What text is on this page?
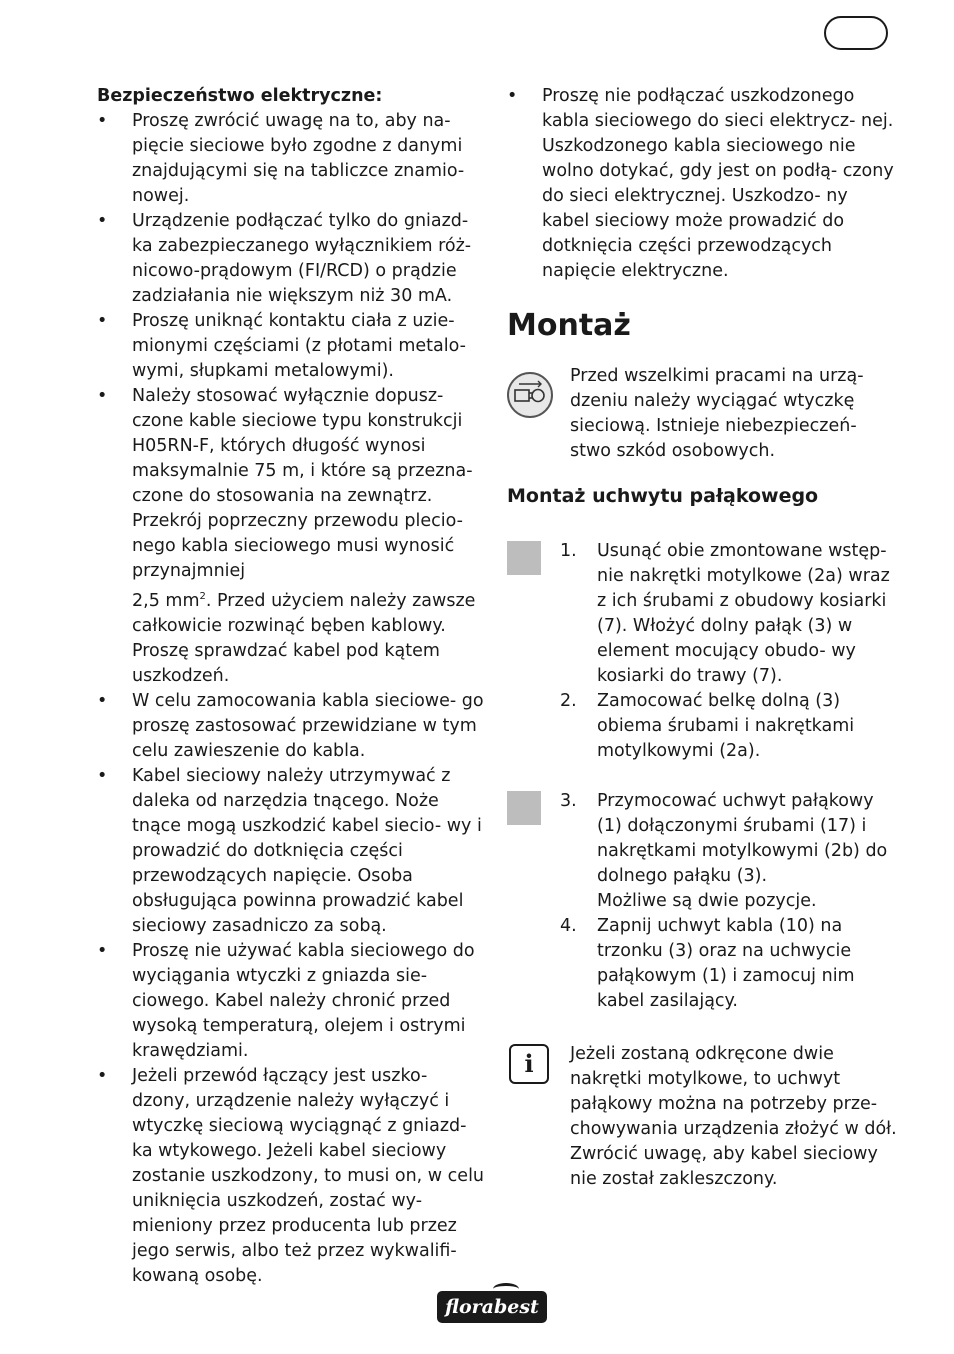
Bezpieczeństwo elektryczne:

• Proszę zwrócić uwagę na to, aby na- pięcie sieciowe było zgodne z danymi znajdującymi się na tabliczce znamio- nowej.

• Urządzenie podłączać tylko do gniazd- ka zabezpieczanego wyłącznikiem róż- nicowo-prądowym (FI/RCD) o prądzie zadziałania nie większym niż 30 mA.

• Proszę uniknąć kontaktu ciała z uzie- mionymi częściami (z płotami metalo- wymi, słupkami metalowymi).

• Należy stosować wyłącznie dopusz- czone kable sieciowe typu konstrukcji H05RN-F, których długość wynosi maksymalnie 75 m, i które są przezna- czone do stosowania na zewnątrz. Przekrój poprzeczny przewodu plecio- nego kabla sieciowego musi wynosić przynajmniej

2,5 $mm^2$. Przed użyciem należy zawsze całkowicie rozwinąć bęben kablowy. Proszę sprawdzać kabel pod kątem uszkodzeń.

• W celu zamocowania kabla sieciowe- go proszę zastosować przewidziane w tym celu zawieszenie do kabla.

• Kabel sieciowy należy utrzymywać z daleka od narzędzia tnącego. Noże tnące mogą uszkodzić kabel siecio- wy i prowadzić do dotknięcia części przewodzących napięcie. Osoba obsługująca powinna prowadzić kabel sieciowy zasadniczo za sobą.

• Proszę nie używać kabla sieciowego do wyciągania wtyczki z gniazda sie- ciowego. Kabel należy chronić przed wysoką temperaturą, olejem i ostrymi krawędziami.

• Jeżeli przewód łączący jest uszko- dzony, urządzenie należy wyłączyć i wtyczkę sieciową wyciągnąć z gniazd- ka wtykowego. Jeżeli kabel sieciowy zostanie uszkodzony, to musi on, w celu uniknięcia uszkodzeń, zostać wy- mieniony przez producenta lub przez jego serwis, albo też przez wykwalifi- kowaną osobę.

• Proszę nie podłączać uszkodzonego kabla sieciowego do sieci elektrycz- nej. Uszkodzonego kabla sieciowego nie wolno dotykać, gdy jest on podłą- czony do sieci elektrycznej. Uszkodzo- ny kabel sieciowy może prowadzić do dotknięcia części przewodzących napięcie elektryczne.

Montaż
Przed wszelkimi pracami na urzą- dzeniu należy wyciągać wtyczkę sieciową. Istnieje niebezpieczeń- stwo szkód osobowych.
Montaż uchwytu pałąkowego
1. Usunąć obie zmontowane wstęp- nie nakrętki motylkowe (2a) wraz z ich śrubami z obudowy kosiarki (7). Włożyć dolny pałąk (3) w element mocujący obudo- wy kosiarki do trawy (7).
2. Zamocować belkę dolną (3) obiema śrubami i nakrętkami motylkowymi (2a).
3. Przymocować uchwyt pałąkowy (1) dołączonymi śrubami (17) i nakrętkami motylkowymi (2b) do dolnego pałąku (3).
Możliwe są dwie pozycje.
4. Zapnij uchwyt kabla (10) na trzonku (3) oraz na uchwycie pałąkowym (1) i zamocuj nim kabel zasilający.
i	Jeżeli zostaną odkręcone dwie nakrętki motylkowe, to uchwyt pałąkowy można na potrzeby prze- chowywania urządzenia złożyć w dół. Zwrócić uwagę, aby kabel sieciowy nie został zakleszczony.
florabest
